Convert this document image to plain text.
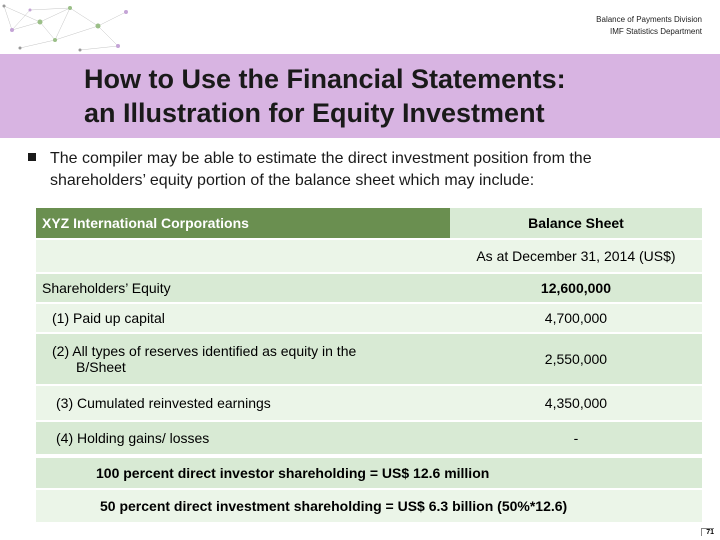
Balance of Payments Division
IMF Statistics Department
How to Use the Financial Statements:
an Illustration for Equity Investment
The compiler may be able to estimate the direct investment position from the
shareholders’ equity portion of the balance sheet which may include:
XYZ International Corporations	Balance Sheet
	As at December 31, 2014 (US$)
Shareholders’ Equity	12,600,000
(1) Paid up capital	4,700,000
(2) All types of reserves identified as equity in the
B/Sheet	2,550,000
(3) Cumulated reinvested earnings	4,350,000
(4) Holding gains/ losses	-
100 percent direct investor shareholding = US$ 12.6 million
50 percent direct investment shareholding = US$ 6.3 billion (50%*12.6)
71
